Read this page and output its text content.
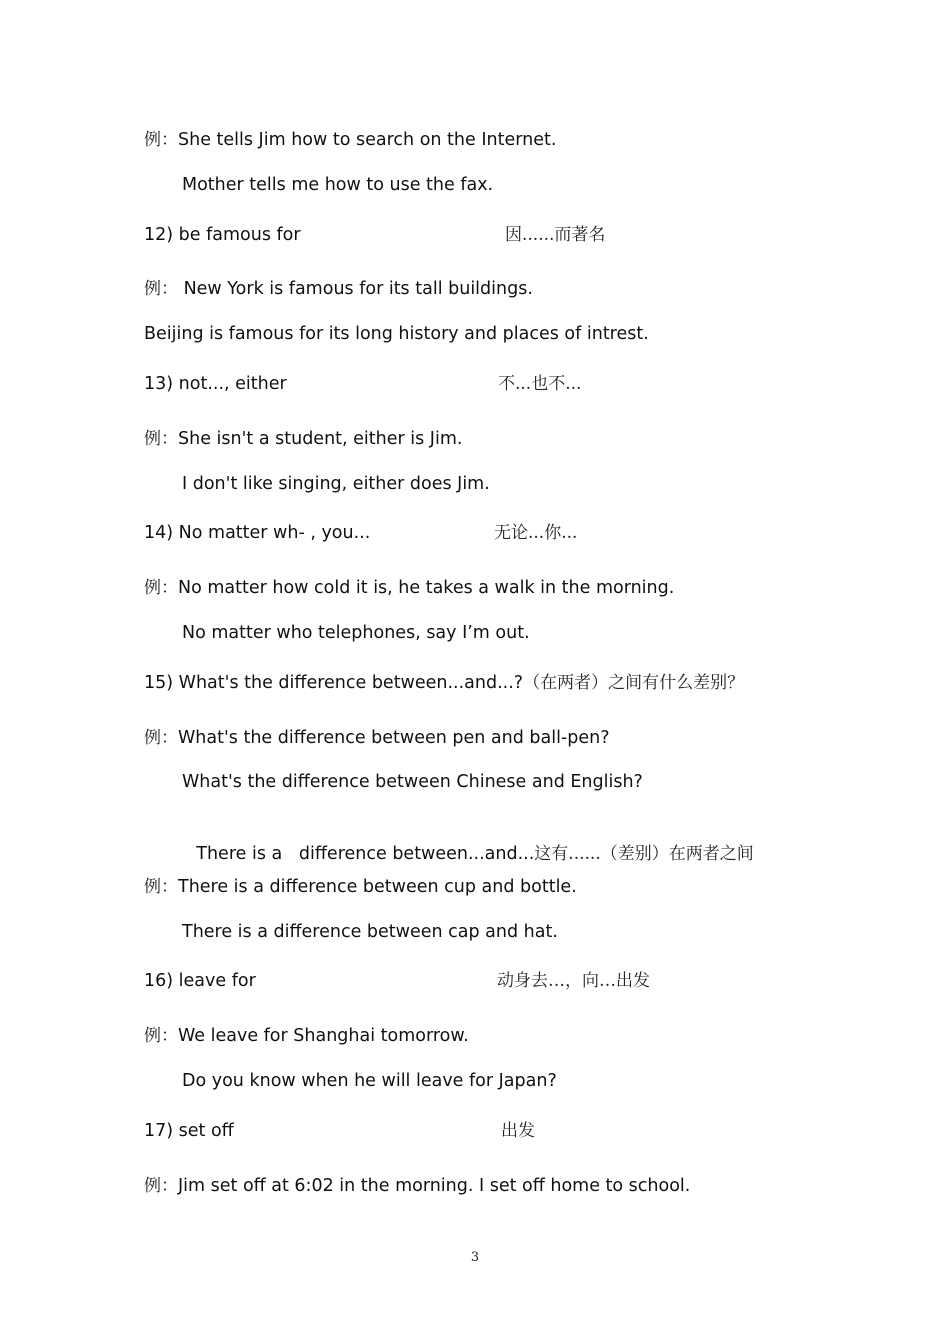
例：She tells Jim how to search on the Internet.
Mother tells me how to use the fax.
12) be famous for	因......而著名
例： New York is famous for its tall buildings.
Beijing is famous for its long history and places of intrest.
13) not..., either	不...也不...
例：She isn't a student, either is Jim.
I don't like singing, either does Jim.
14) No matter wh- , you...	无论...你...
例：No matter how cold it is, he takes a walk in the morning.
No matter who telephones, say I’m out.
15) What's the difference between...and...?（在两者）之间有什么差别？
例：What's the difference between pen and ball-pen?
What's the difference between Chinese and English?

There is a   difference between...and...这有......（差别）在两者之间

例：There is a difference between cup and bottle.
There is a difference between cap and hat.
16) leave for	动身去…，向…出发
例：We leave for Shanghai tomorrow.
Do you know when he will leave for Japan?
17) set off	出发
例：Jim set off at 6:02 in the morning. I set off home to school.
3
